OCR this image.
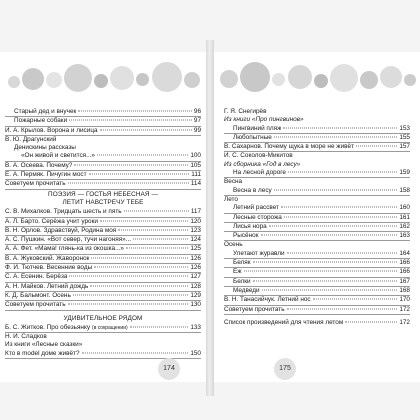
Старый дед и внучек	96
Пожарные собаки	97
И. А. Крылов. Ворона и лисица	99
В. Ю. Драгунский
Денискины рассказы
«Он живой и светится...»	100
В. А. Осеева. Почему?	105
Е. А. Пермяк. Пичугин мост	111
Советуем прочитать	114
ПОЭЗИЯ — ГОСТЬЯ НЕБЕСНАЯ —
ЛЕТИТ НАВСТРЕЧУ ТЕБЕ
С. В. Михалков. Тридцать шесть и пять	117
А. Л. Барто. Серёжа учит уроки	120
В. Н. Орлов. Здравствуй, Родина моя	123
А. С. Пушкин. «Вот север, тучи нагоняя»...	124
А. А. Фет. «Мама! глянь-ка из окошка...»	125
В. А. Жуковский. Жаворонок	126
Ф. И. Тютчев. Весенние воды	126
С. А. Есенин. Берёза	127
А. Н. Майков. Летний дождь	128
К. Д. Бальмонт. Осень	129
Советуем прочитать	130
УДИВИТЕЛЬНОЕ РЯДОМ
Б. С. Житков. Про обезьянку (в сокращении)	133
Н. И. Сладков
Из книги «Лесные сказки»
Кто в model доме живёт?	150
Г. Я. Снегирёв
Из книги «Про пингвинов»
Пингвиний пляж	153
Любопытные	155
В. Сахарнов. Почему щука в море не живёт	157
И. С. Соколов-Микитов
Из сборника «Год в лесу»
На лесной дороге	159
Весна
Весна в лесу	158
Лето
Летний рассвет	160
Лесные сторожа	161
Лисья нора	162
Рысёнок	163
Осень
Улетают журавли	164
Беляк	166
Ёж	166
Белки	167
Медведи	168
В. Н. Танасийчук. Летний нос	170
Советуем прочитать	172
Список произведений для чтения летом	172
174	175
